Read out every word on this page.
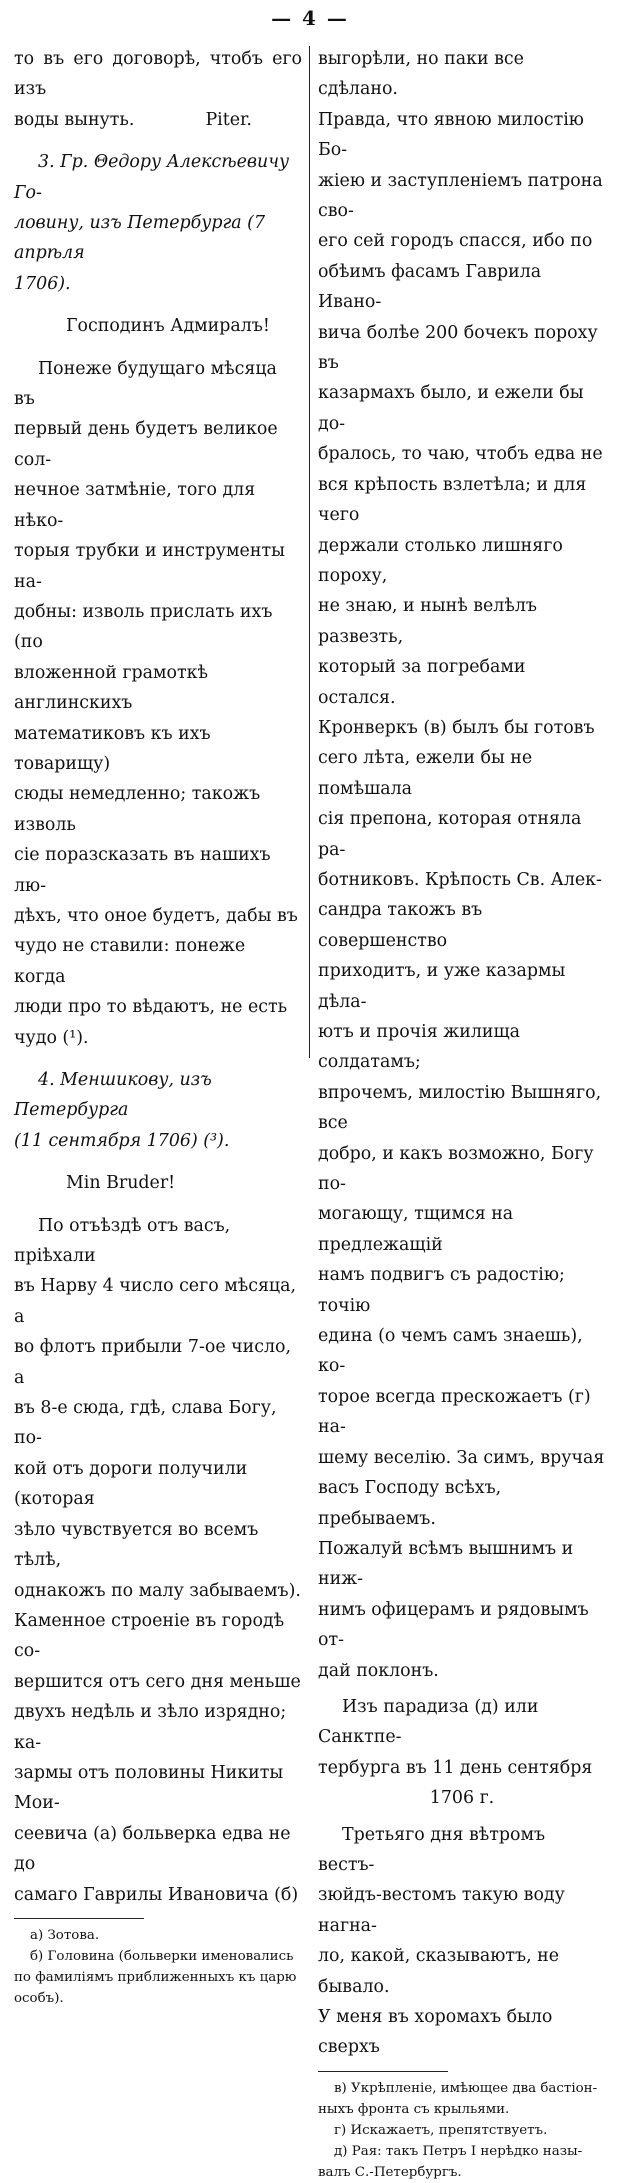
— 4 —

то въ его договорѣ, чтобъ его изъ

воды вынуть.	Piter.

3. Гр. Θедору Алексѣевичу Го-

ловину, изъ Петербурга (7 апрѣля

1706).

Господинъ Адмиралъ!

Понеже будущаго мѣсяца въ

первый день будетъ великое сол-

нечное затмѣніе, того для нѣко-

торыя трубки и инструменты на-

добны: изволь прислать ихъ (по

вложенной грамоткѣ англинскихъ

математиковъ къ ихъ товарищу)

сюды немедленно; такожъ изволь

сіе поразсказать въ нашихъ лю-

дѣхъ, что оное будетъ, дабы въ

чудо не ставили: понеже когда

люди про то вѣдаютъ, не есть

чудо (¹).

4. Меншикову, изъ Петербурга

(11 сентября 1706) (³).

Min Bruder!

По отъѣздѣ отъ васъ, пріѣхали

въ Нарву 4 число сего мѣсяца, а

во флотъ прибыли 7-ое число, а

въ 8-е сюда, гдѣ, слава Богу, по-

кой отъ дороги получили (которая

зѣло чувствуется во всемъ тѣлѣ,

однакожъ по малу забываемъ).

Каменное строеніе въ городѣ со-

вершится отъ сего дня меньше

двухъ недѣль и зѣло изрядно; ка-

зармы отъ половины Никиты Мои-

сеевича (а) больверка едва не до

самаго Гаврилы Ивановича (б)

а) Зотова.

б) Головина (больверки именовались

по фамиліямъ приближенныхъ къ царю

особъ).

выгорѣли, но паки все сдѣлано.

Правда, что явною милостію Бо-

жіею и заступленіемъ патрона сво-

его сей городъ спасся, ибо по

обѣимъ фасамъ Гаврила Ивано-

вича болѣе 200 бочекъ пороху въ

казармахъ было, и ежели бы до-

бралось, то чаю, чтобъ едва не

вся крѣпость взлетѣла; и для чего

держали столько лишняго пороху,

не знаю, и нынѣ велѣлъ развезть,

который за погребами остался.

Кронверкъ (в) былъ бы готовъ

сего лѣта, ежели бы не помѣшала

сія препона, которая отняла ра-

ботниковъ. Крѣпость Св. Алек-

сандра такожъ въ совершенство

приходитъ, и уже казармы дѣла-

ютъ и прочія жилища солдатамъ;

впрочемъ, милостію Вышняго, все

добро, и какъ возможно, Богу по-

могающу, тщимся на предлежащій

намъ подвигъ съ радостію; точію

едина (о чемъ самъ знаешь), ко-

торое всегда прескожаетъ (г) на-

шему веселію. За симъ, вручая

васъ Господу всѣхъ, пребываемъ.

Пожалуй всѣмъ вышнимъ и ниж-

нимъ офицерамъ и рядовымъ от-

дай поклонъ.

Изъ парадиза (д) или Санктпе-

тербурга въ 11 день сентября

1706 г.

Третьяго дня вѣтромъ вестъ-

зюйдъ-вестомъ такую воду нагна-

ло, какой, сказываютъ, не бывало.

У меня въ хоромахъ было сверхъ

в) Укрѣпленіе, имѣющее два бастіон-

ныхъ фронта съ крыльями.

г) Искажаетъ, препятствуетъ.

д) Рая: такъ Петръ I нерѣдко назы-

валъ С.-Петербургъ.
